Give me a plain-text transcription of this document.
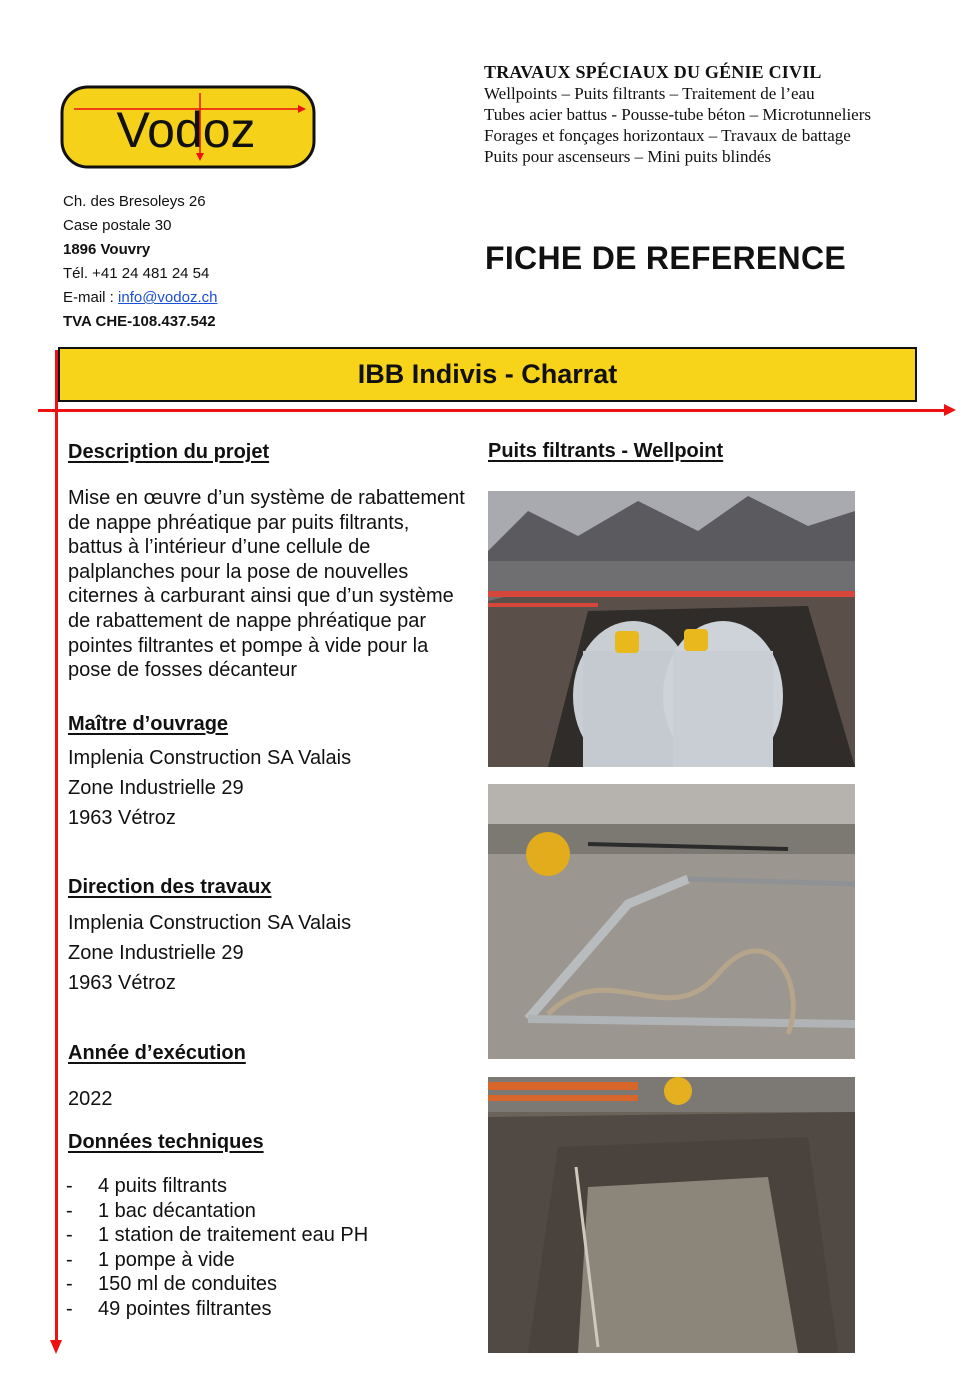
Vodoz
TRAVAUX SPÉCIAUX DU GÉNIE CIVIL
Wellpoints – Puits filtrants – Traitement de l’eau
Tubes acier battus - Pousse-tube béton – Microtunneliers
Forages et fonçages horizontaux – Travaux de battage
Puits pour ascenseurs – Mini puits blindés
Ch. des Bresoleys 26
Case postale 30
1896 Vouvry
Tél. +41 24 481 24 54
E-mail : info@vodoz.ch
TVA CHE-108.437.542
FICHE DE REFERENCE
IBB Indivis - Charrat
Description du projet
Mise en œuvre d’un système de rabattement de nappe phréatique par puits filtrants, battus à l’intérieur d’une cellule de palplanches pour la pose de nouvelles citernes à carburant ainsi que d’un système de rabattement de nappe phréatique par pointes filtrantes et pompe à vide pour la pose de fosses décanteur
Maître d’ouvrage
Implenia Construction SA Valais
Zone Industrielle 29
1963 Vétroz
Direction des travaux
Implenia Construction SA Valais
Zone Industrielle 29
1963 Vétroz
Année d’exécution
2022
Données techniques
-	4 puits filtrants
-	1 bac décantation
-	1 station de traitement eau PH
-	1 pompe à vide
-	150 ml de conduites
-	49 pointes filtrantes
Puits filtrants - Wellpoint
